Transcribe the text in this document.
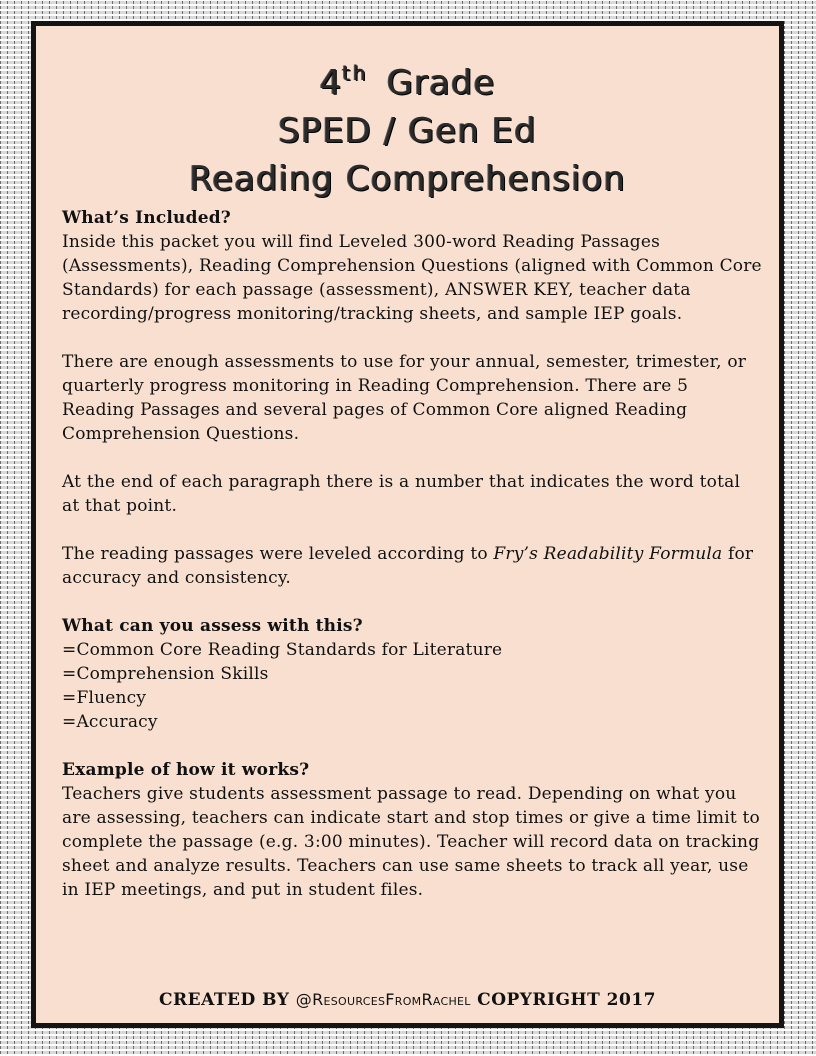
4th Grade
SPED / Gen Ed
Reading Comprehension

What’s Included?

Inside this packet you will find Leveled 300-word Reading Passages (Assessments), Reading Comprehension Questions (aligned with Common Core Standards) for each passage (assessment), ANSWER KEY, teacher data recording/progress monitoring/tracking sheets, and sample IEP goals.

There are enough assessments to use for your annual, semester, trimester, or quarterly progress monitoring in Reading Comprehension. There are 5 Reading Passages and several pages of Common Core aligned Reading Comprehension Questions.

At the end of each paragraph there is a number that indicates the word total at that point.

The reading passages were leveled according to Fry’s Readability Formula for accuracy and consistency.

What can you assess with this?

=Common Core Reading Standards for Literature

=Comprehension Skills

=Fluency

=Accuracy

Example of how it works?

Teachers give students assessment passage to read. Depending on what you are assessing, teachers can indicate start and stop times or give a time limit to complete the passage (e.g. 3:00 minutes). Teacher will record data on tracking sheet and analyze results. Teachers can use same sheets to track all year, use in IEP meetings, and put in student files.

CREATED BY @ResourcesFromRachel COPYRIGHT 2017
